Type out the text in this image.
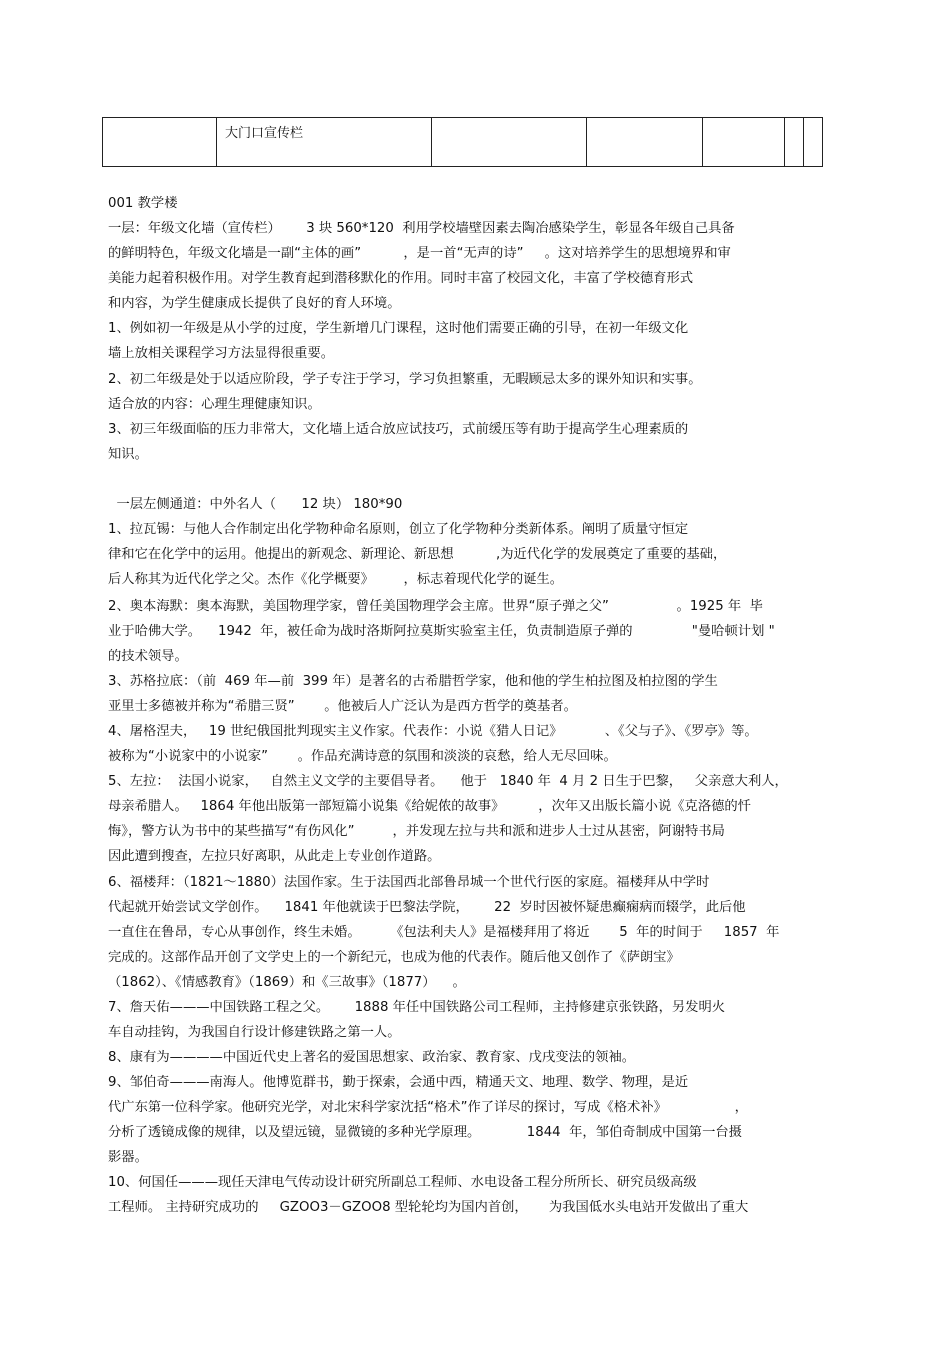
	大门口宣传栏					
001 教学楼
一层：年级文化墙（宣传栏）      3 块 560*120  利用学校墙壁因素去陶冶感染学生，彰显各年级自己具备
的鲜明特色，年级文化墙是一副“主体的画”          ，是一首“无声的诗”     。这对培养学生的思想境界和审
美能力起着积极作用。对学生教育起到潜移默化的作用。同时丰富了校园文化，丰富了学校德育形式
和内容，为学生健康成长提供了良好的育人环境。
1、例如初一年级是从小学的过度，学生新增几门课程，这时他们需要正确的引导，在初一年级文化
墙上放相关课程学习方法显得很重要。
2、初二年级是处于以适应阶段，学子专注于学习，学习负担繁重，无暇顾忌太多的课外知识和实事。
适合放的内容：心理生理健康知识。
3、初三年级面临的压力非常大，文化墙上适合放应试技巧，式前缓压等有助于提高学生心理素质的
知识。
一层左侧通道：中外名人（      12 块） 180*90
1、拉瓦锡：与他人合作制定出化学物种命名原则，创立了化学物种分类新体系。阐明了质量守恒定
律和它在化学中的运用。他提出的新观念、新理论、新思想          ,为近代化学的发展奠定了重要的基础，
后人称其为近代化学之父。杰作《化学概要》       ，标志着现代化学的诞生。
2、奥本海默：奥本海默，美国物理学家，曾任美国物理学会主席。世界“原子弹之父”                。1925 年  毕
业于哈佛大学。    1942  年，被任命为战时洛斯阿拉莫斯实验室主任，负责制造原子弹的              "曼哈顿计划 "
的技术领导。
3、苏格拉底：（前  469 年—前  399 年）是著名的古希腊哲学家，他和他的学生柏拉图及柏拉图的学生
亚里士多德被并称为“希腊三贤”       。他被后人广泛认为是西方哲学的奠基者。
4、屠格涅夫，   19 世纪俄国批判现实主义作家。代表作：小说《猎人日记》          、《父与子》、《罗亭》等。
被称为“小说家中的小说家”       。作品充满诗意的氛围和淡淡的哀愁，给人无尽回味。
5、左拉：  法国小说家，   自然主义文学的主要倡导者。    他于   1840 年  4 月 2 日生于巴黎，   父亲意大利人，
母亲希腊人。   1864 年他出版第一部短篇小说集《给妮侬的故事》        ，次年又出版长篇小说《克洛德的忏
悔》，警方认为书中的某些描写“有伤风化”         ，并发现左拉与共和派和进步人士过从甚密，阿谢特书局
因此遭到搜查，左拉只好离职，从此走上专业创作道路。
6、福楼拜：（1821～1880）法国作家。生于法国西北部鲁昂城一个世代行医的家庭。福楼拜从中学时
代起就开始尝试文学创作。    1841 年他就读于巴黎法学院，      22  岁时因被怀疑患癫痫病而辍学，此后他
一直住在鲁昂，专心从事创作，终生未婚。       《包法利夫人》是福楼拜用了将近       5  年的时间于     1857  年
完成的。这部作品开创了文学史上的一个新纪元，也成为他的代表作。随后他又创作了《萨朗宝》
（1862）、《情感教育》（1869）和《三故事》（1877）    。
7、詹天佑———中国铁路工程之父。      1888 年任中国铁路公司工程师，主持修建京张铁路，另发明火
车自动挂钩，为我国自行设计修建铁路之第一人。
8、康有为————中国近代史上著名的爱国思想家、政治家、教育家、戊戌变法的领袖。
9、邹伯奇———南海人。他博览群书，勤于探索，会通中西，精通天文、地理、数学、物理，是近
代广东第一位科学家。他研究光学，对北宋科学家沈括“格术”作了详尽的探讨，写成《格术补》                ，
分析了透镜成像的规律，以及望远镜，显微镜的多种光学原理。           1844  年，邹伯奇制成中国第一台摄
影器。
10、何国任———现任天津电气传动设计研究所副总工程师、水电设备工程分所所长、研究员级高级
工程师。 主持研究成功的     GZOO3－GZOO8 型轮轮均为国内首创，     为我国低水头电站开发做出了重大
